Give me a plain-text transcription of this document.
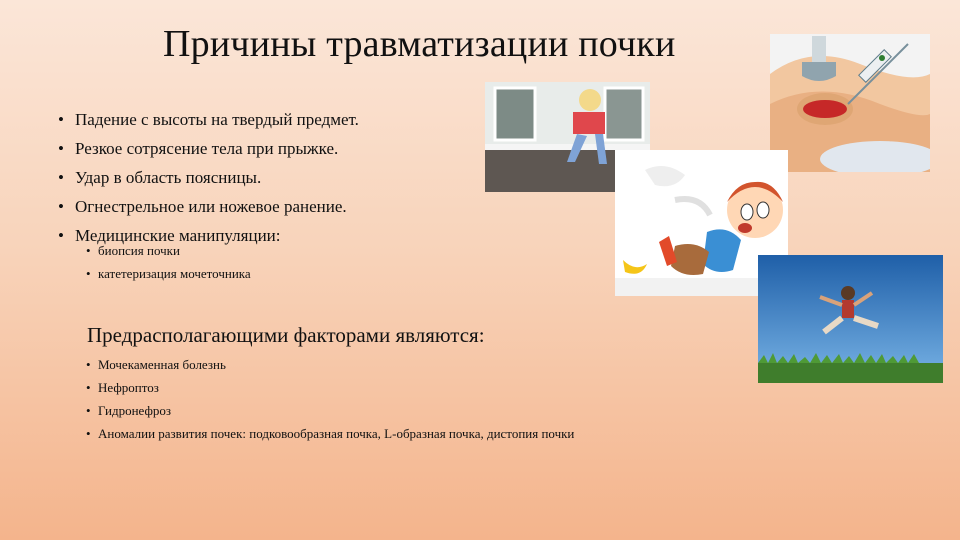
Причины травматизации почки
• Падение с высоты на твердый предмет.
• Резкое сотрясение тела при прыжке.
• Удар в область поясницы.
• Огнестрельное или ножевое ранение.
• Медицинские манипуляции:
• биопсия почки
• катетеризация мочеточника
Предрасполагающими факторами являются:
• Мочекаменная болезнь
• Нефроптоз
• Гидронефроз
• Аномалии развития почек: подковообразная почка, L-образная почка, дистопия почки
